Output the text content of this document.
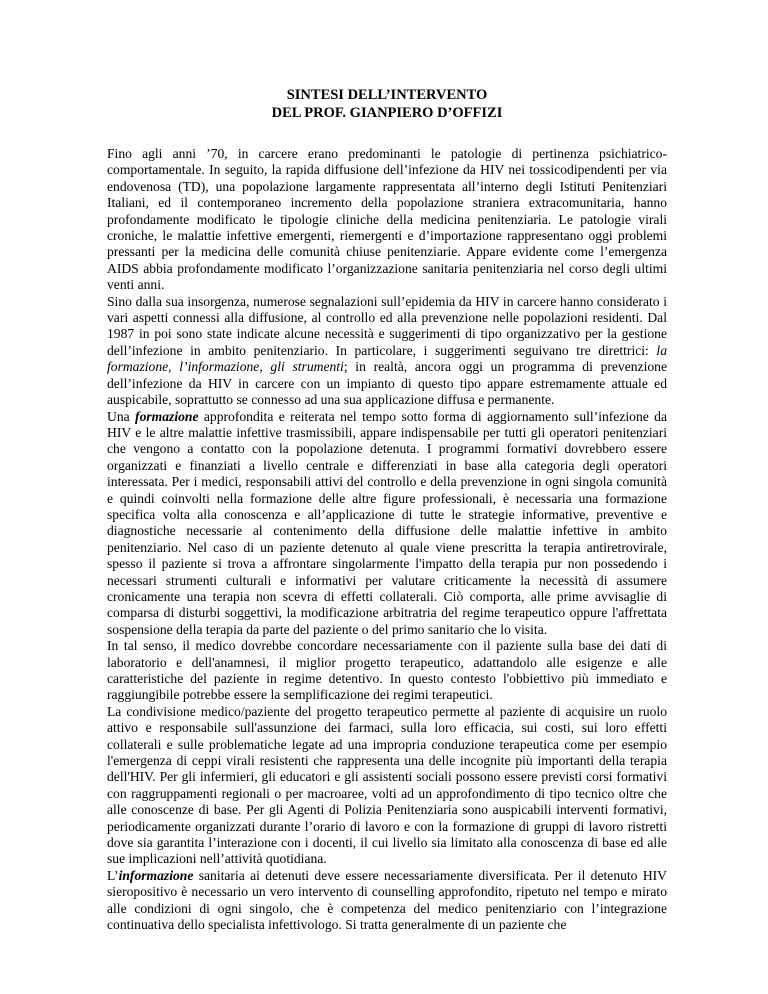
SINTESI DELL’INTERVENTO
DEL PROF. GIANPIERO D’OFFIZI

Fino agli anni ’70, in carcere erano predominanti le patologie di pertinenza psichiatrico-comportamentale. In seguito, la rapida diffusione dell’infezione da HIV nei tossicodipendenti per via endovenosa (TD), una popolazione largamente rappresentata all’interno degli Istituti Penitenziari Italiani, ed il contemporaneo incremento della popolazione straniera extracomunitaria, hanno profondamente modificato le tipologie cliniche della medicina penitenziaria. Le patologie virali croniche, le malattie infettive emergenti, riemergenti e d’importazione rappresentano oggi problemi pressanti per la medicina delle comunità chiuse penitenziarie. Appare evidente come l’emergenza AIDS abbia profondamente modificato l’organizzazione sanitaria penitenziaria nel corso degli ultimi venti anni.

Sino dalla sua insorgenza, numerose segnalazioni sull’epidemia da HIV in carcere hanno considerato i vari aspetti connessi alla diffusione, al controllo ed alla prevenzione nelle popolazioni residenti. Dal 1987 in poi sono state indicate alcune necessità e suggerimenti di tipo organizzativo per la gestione dell’infezione in ambito penitenziario. In particolare, i suggerimenti seguivano tre direttrici: la formazione, l’informazione, gli strumenti; in realtà, ancora oggi un programma di prevenzione dell’infezione da HIV in carcere con un impianto di questo tipo appare estremamente attuale ed auspicabile, soprattutto se connesso ad una sua applicazione diffusa e permanente.

Una formazione approfondita e reiterata nel tempo sotto forma di aggiornamento sull’infezione da HIV e le altre malattie infettive trasmissibili, appare indispensabile per tutti gli operatori penitenziari che vengono a contatto con la popolazione detenuta. I programmi formativi dovrebbero essere organizzati e finanziati a livello centrale e differenziati in base alla categoria degli operatori interessata. Per i medici, responsabili attivi del controllo e della prevenzione in ogni singola comunità e quindi coinvolti nella formazione delle altre figure professionali, è necessaria una formazione specifica volta alla conoscenza e all’applicazione di tutte le strategie informative, preventive e diagnostiche necessarie al contenimento della diffusione delle malattie infettive in ambito penitenziario. Nel caso di un paziente detenuto al quale viene prescritta la terapia antiretrovirale, spesso il paziente si trova a affrontare singolarmente l'impatto della terapia pur non possedendo i necessari strumenti culturali e informativi per valutare criticamente la necessità di assumere cronicamente una terapia non scevra di effetti collaterali. Ciò comporta, alle prime avvisaglie di comparsa di disturbi soggettivi, la modificazione arbitratria del regime terapeutico oppure l'affrettata sospensione della terapia da parte del paziente o del primo sanitario che lo visita.

In tal senso, il medico dovrebbe concordare necessariamente con il paziente sulla base dei dati di laboratorio e dell'anamnesi, il miglior progetto terapeutico, adattandolo alle esigenze e alle caratteristiche del paziente in regime detentivo. In questo contesto l'obbiettivo più immediato e raggiungibile potrebbe essere la semplificazione dei regimi terapeutici.

La condivisione medico/paziente del progetto terapeutico permette al paziente di acquisire un ruolo attivo e responsabile sull'assunzione dei farmaci, sulla loro efficacia, sui costi, sui loro effetti collaterali e sulle problematiche legate ad una impropria conduzione terapeutica come per esempio l'emergenza di ceppi virali resistenti che rappresenta una delle incognite più importanti della terapia dell'HIV. Per gli infermieri, gli educatori e gli assistenti sociali possono essere previsti corsi formativi con raggruppamenti regionali o per macroaree, volti ad un approfondimento di tipo tecnico oltre che alle conoscenze di base. Per gli Agenti di Polizia Penitenziaria sono auspicabili interventi formativi, periodicamente organizzati durante l’orario di lavoro e con la formazione di gruppi di lavoro ristretti dove sia garantita l’interazione con i docenti, il cui livello sia limitato alla conoscenza di base ed alle sue implicazioni nell’attività quotidiana.

L’informazione sanitaria ai detenuti deve essere necessariamente diversificata. Per il detenuto HIV sieropositivo è necessario un vero intervento di counselling approfondito, ripetuto nel tempo e mirato alle condizioni di ogni singolo, che è competenza del medico penitenziario con l’integrazione continuativa dello specialista infettivologo. Si tratta generalmente di un paziente che
